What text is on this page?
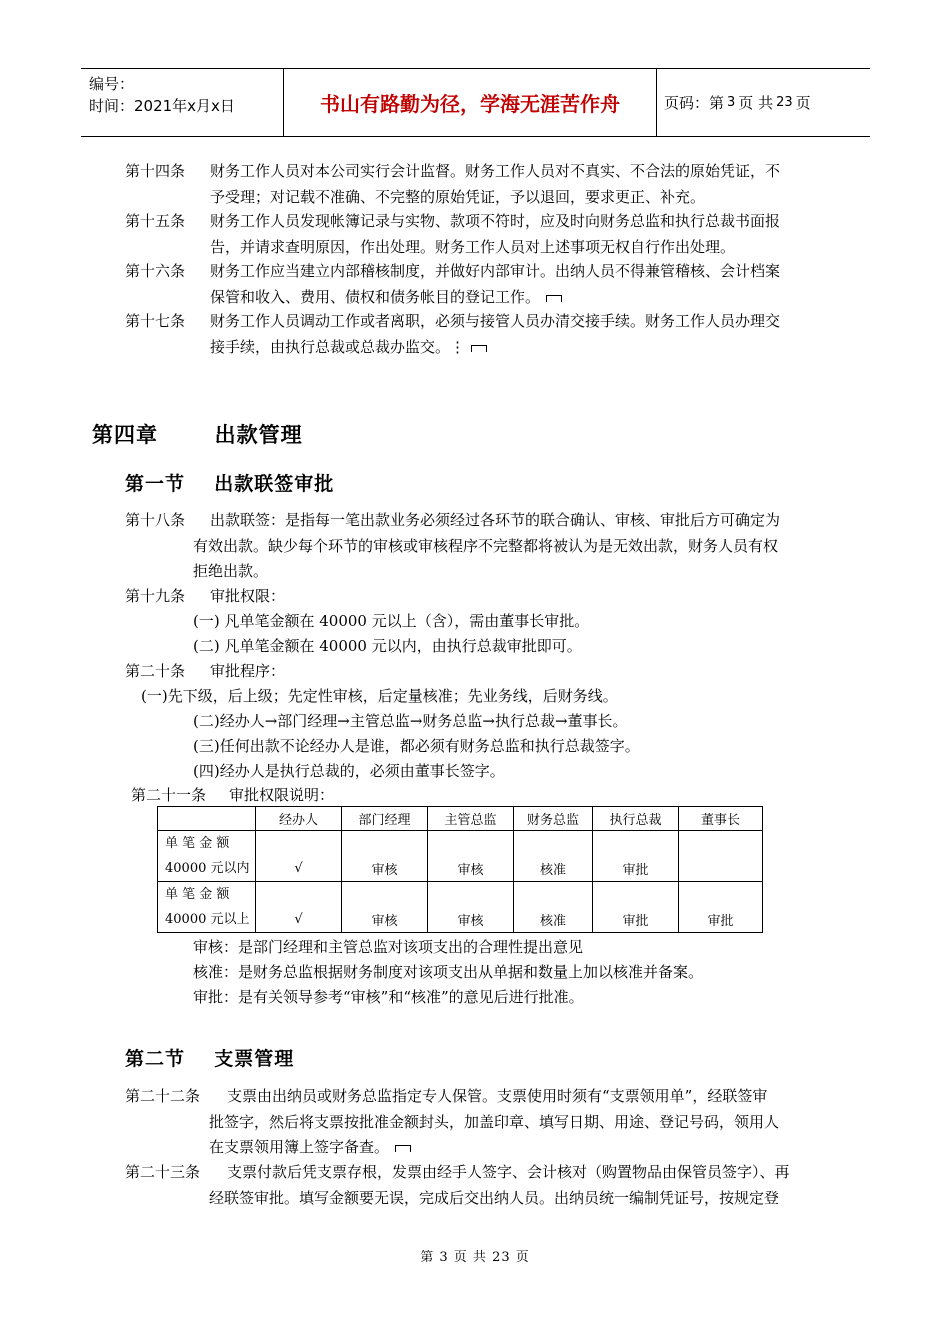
编号：
时间：2021年x月x日	书山有路勤为径，学海无涯苦作舟	页码：第 3 页 共 23 页
第十四条 财务工作人员对本公司实行会计监督。财务工作人员对不真实、不合法的原始凭证，不
予受理；对记载不准确、不完整的原始凭证，予以退回，要求更正、补充。
第十五条 财务工作人员发现帐簿记录与实物、款项不符时，应及时向财务总监和执行总裁书面报
告，并请求查明原因，作出处理。财务工作人员对上述事项无权自行作出处理。
第十六条 财务工作应当建立内部稽核制度，并做好内部审计。出纳人员不得兼管稽核、会计档案
保管和收入、费用、债权和债务帐目的登记工作。
第十七条 财务工作人员调动工作或者离职，必须与接管人员办清交接手续。财务工作人员办理交
接手续，由执行总裁或总裁办监交。⋮
第四章	出款管理
第一节 出款联签审批
第十八条 出款联签：是指每一笔出款业务必须经过各环节的联合确认、审核、审批后方可确定为
有效出款。缺少每个环节的审核或审核程序不完整都将被认为是无效出款，财务人员有权
拒绝出款。
第十九条 审批权限：
(一) 凡单笔金额在 40000 元以上（含），需由董事长审批。
(二) 凡单笔金额在 40000 元以内，由执行总裁审批即可。
第二十条 审批程序：
(一)先下级，后上级；先定性审核，后定量核准；先业务线，后财务线。
(二)经办人→部门经理→主管总监→财务总监→执行总裁→董事长。
(三)任何出款不论经办人是谁，都必须有财务总监和执行总裁签字。
(四)经办人是执行总裁的，必须由董事长签字。
第二十一条 审批权限说明：
	经办人	部门经理	主管总监	财务总监	执行总裁	董事长

单 笔 金 额
40000 元以内	√	审核	审核	核准	审批	

单 笔 金 额
40000 元以上	√	审核	审核	核准	审批	审批
审核：是部门经理和主管总监对该项支出的合理性提出意见
核准：是财务总监根据财务制度对该项支出从单据和数量上加以核准并备案。
审批：是有关领导参考“审核”和“核准”的意见后进行批准。
第二节 支票管理
第二十二条 支票由出纳员或财务总监指定专人保管。支票使用时须有“支票领用单”，经联签审
批签字，然后将支票按批准金额封头，加盖印章、填写日期、用途、登记号码，领用人
在支票领用簿上签字备查。
第二十三条 支票付款后凭支票存根，发票由经手人签字、会计核对（购置物品由保管员签字）、再
经联签审批。填写金额要无误，完成后交出纳人员。出纳员统一编制凭证号，按规定登
第 3 页 共 23 页
